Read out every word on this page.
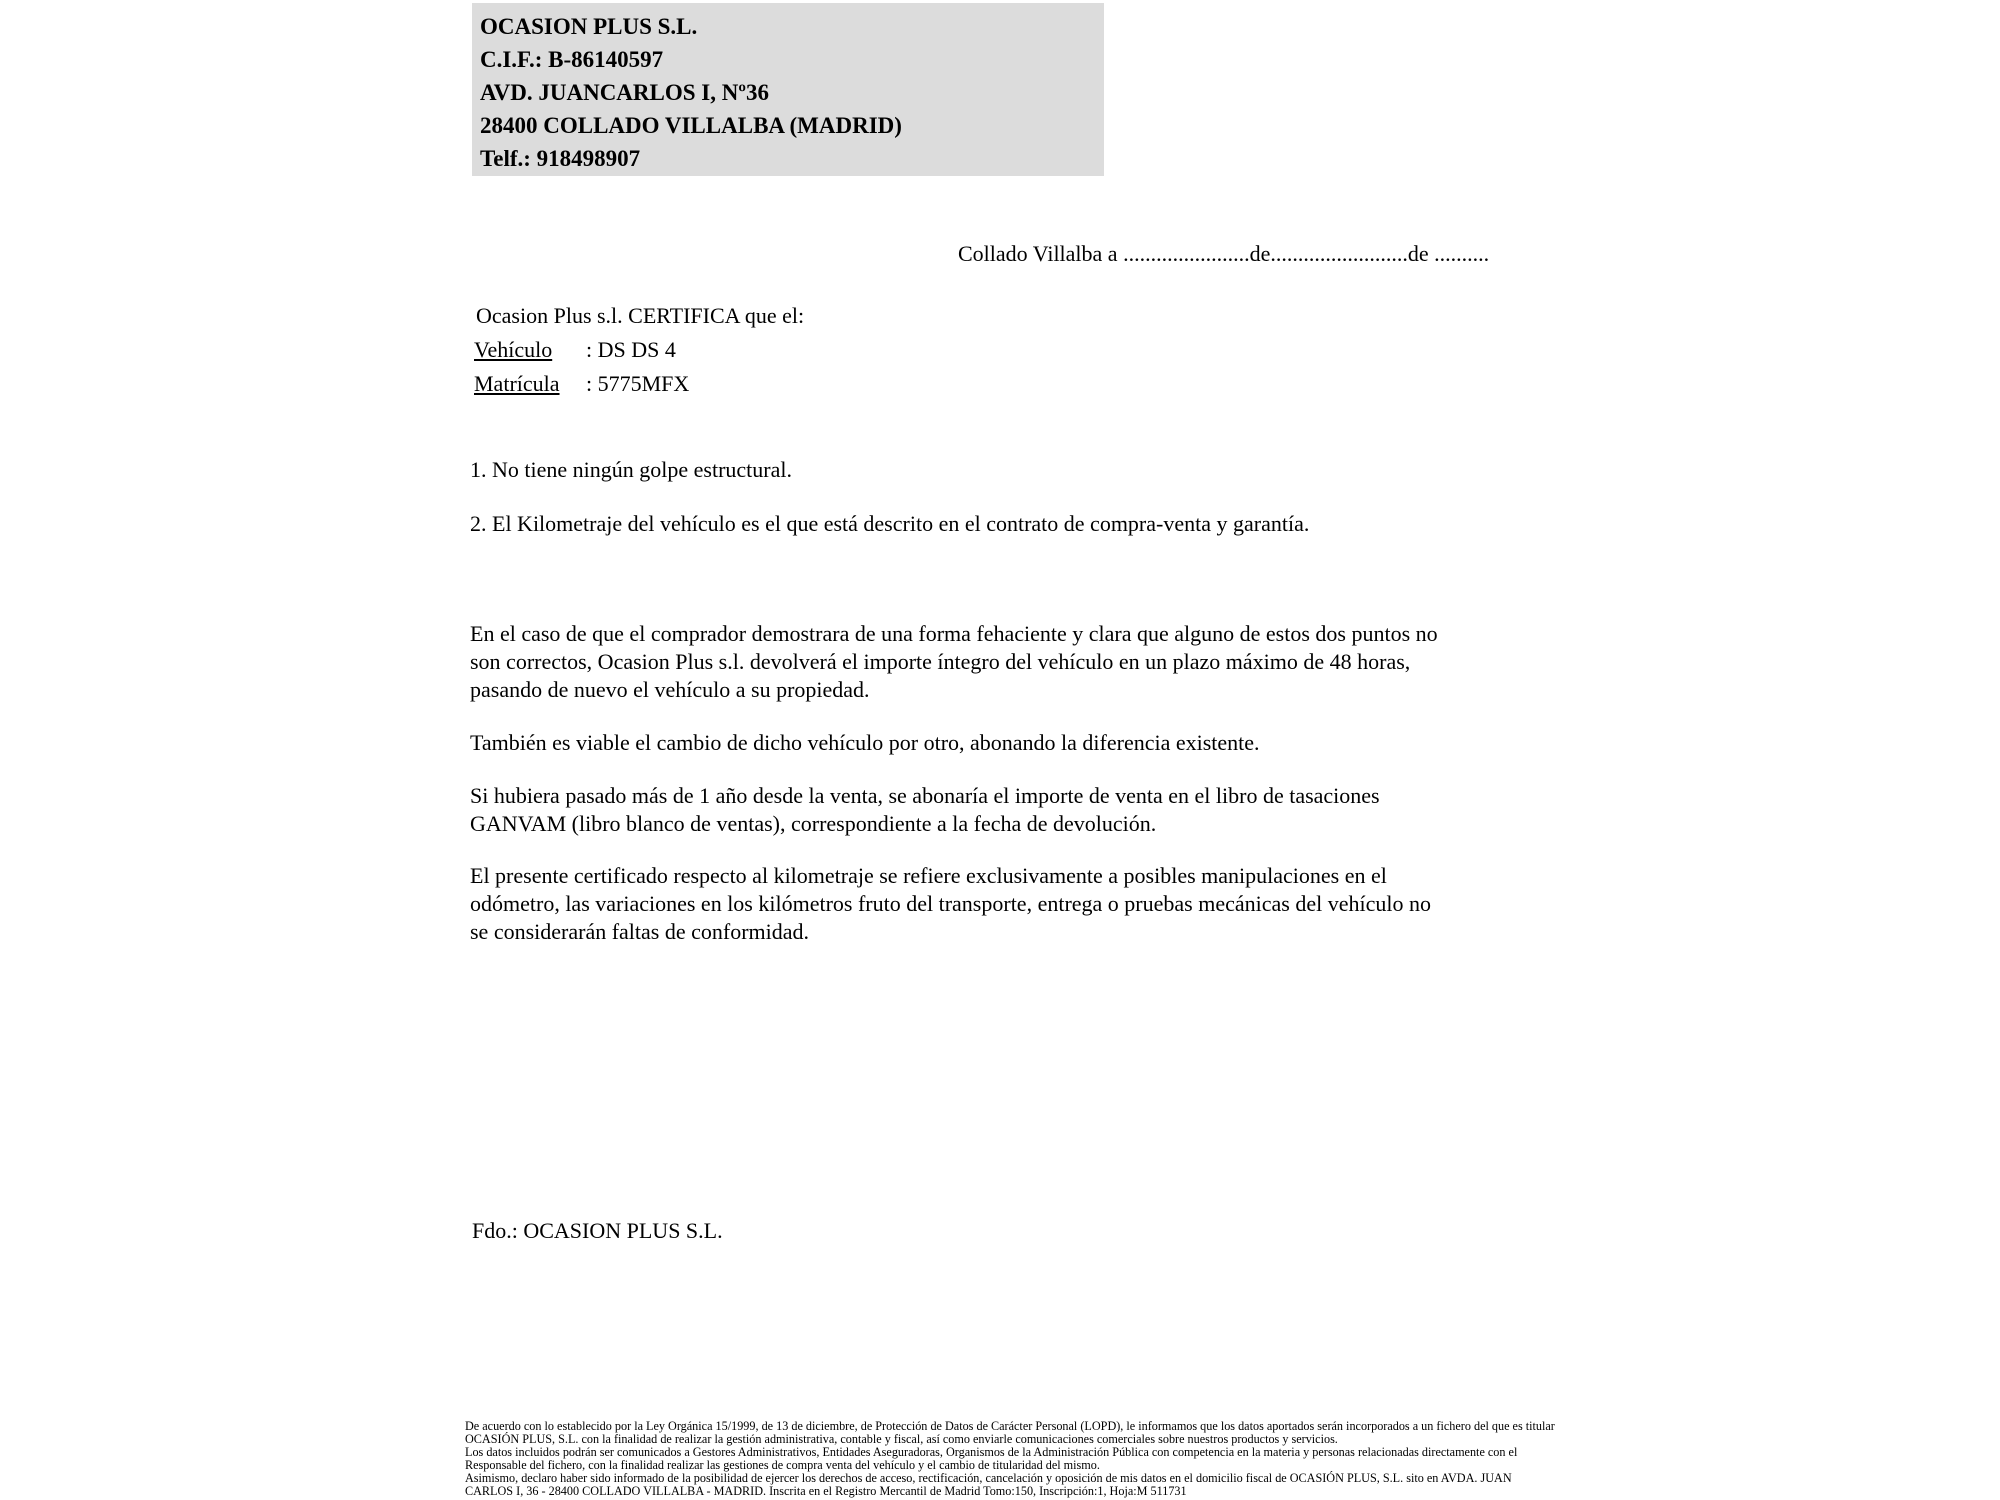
OCASION PLUS S.L.
C.I.F.: B-86140597
AVD. JUANCARLOS I, Nº36
28400 COLLADO VILLALBA (MADRID)
Telf.: 918498907
Collado Villalba a .......................de.........................de ..........
Ocasion Plus s.l. CERTIFICA que el:
Vehículo : DS DS 4
Matrícula : 5775MFX
1. No tiene ningún golpe estructural.
2. El Kilometraje del vehículo es el que está descrito en el contrato de compra-venta y garantía.
En el caso de que el comprador demostrara de una forma fehaciente y clara que alguno de estos dos puntos no
son correctos, Ocasion Plus s.l. devolverá el importe íntegro del vehículo en un plazo máximo de 48 horas,
pasando de nuevo el vehículo a su propiedad.
También es viable el cambio de dicho vehículo por otro, abonando la diferencia existente.
Si hubiera pasado más de 1 año desde la venta, se abonaría el importe de venta en el libro de tasaciones
GANVAM (libro blanco de ventas), correspondiente a la fecha de devolución.
El presente certificado respecto al kilometraje se refiere exclusivamente a posibles manipulaciones en el
odómetro, las variaciones en los kilómetros fruto del transporte, entrega o pruebas mecánicas del vehículo no
se considerarán faltas de conformidad.
Fdo.: OCASION PLUS S.L.
De acuerdo con lo establecido por la Ley Orgánica 15/1999, de 13 de diciembre, de Protección de Datos de Carácter Personal (LOPD), le informamos que los datos aportados serán incorporados a un fichero del que es titular
OCASIÓN PLUS, S.L. con la finalidad de realizar la gestión administrativa, contable y fiscal, así como enviarle comunicaciones comerciales sobre nuestros productos y servicios.
Los datos incluidos podrán ser comunicados a Gestores Administrativos, Entidades Aseguradoras, Organismos de la Administración Pública con competencia en la materia y personas relacionadas directamente con el
Responsable del fichero, con la finalidad realizar las gestiones de compra venta del vehículo y el cambio de titularidad del mismo.
Asimismo, declaro haber sido informado de la posibilidad de ejercer los derechos de acceso, rectificación, cancelación y oposición de mis datos en el domicilio fiscal de OCASIÓN PLUS, S.L. sito en AVDA. JUAN
CARLOS I, 36 - 28400 COLLADO VILLALBA - MADRID. Inscrita en el Registro Mercantil de Madrid Tomo:150, Inscripción:1, Hoja:M 511731
